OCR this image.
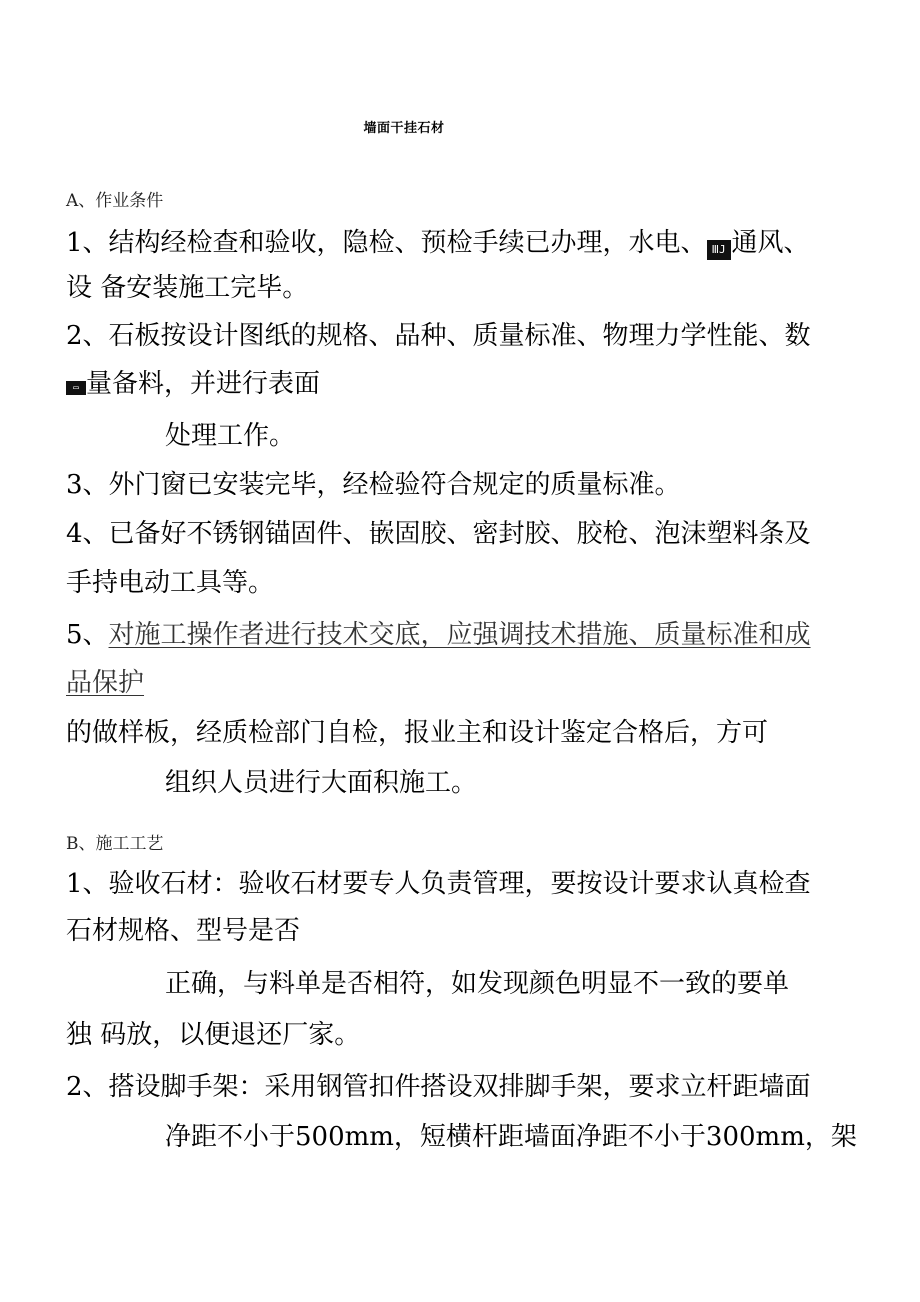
墙面干挂石材
A、作业条件
1、结构经检查和验收，隐检、预检手续已办理，水电、 ⅢJ 通风、
设 备安装施工完毕。
2、石板按设计图纸的规格、品种、质量标准、物理力学性能、数
▭ 量备料，并进行表面
处理工作。
3、外门窗已安装完毕，经检验符合规定的质量标准。
4、已备好不锈钢锚固件、嵌固胶、密封胶、胶枪、泡沫塑料条及
手持电动工具等。
5、对施工操作者进行技术交底，应强调技术措施、质量标准和成
品保护
的做样板，经质检部门自检，报业主和设计鉴定合格后，方可
组织人员进行大面积施工。
B、施工工艺
1、验收石材：验收石材要专人负责管理，要按设计要求认真检查
石材规格、型号是否
正确，与料单是否相符，如发现颜色明显不一致的要单
独 码放，以便退还厂家。
2、搭设脚手架：采用钢管扣件搭设双排脚手架，要求立杆距墙面
净距不小于500mm，短横杆距墙面净距不小于300mm，架
